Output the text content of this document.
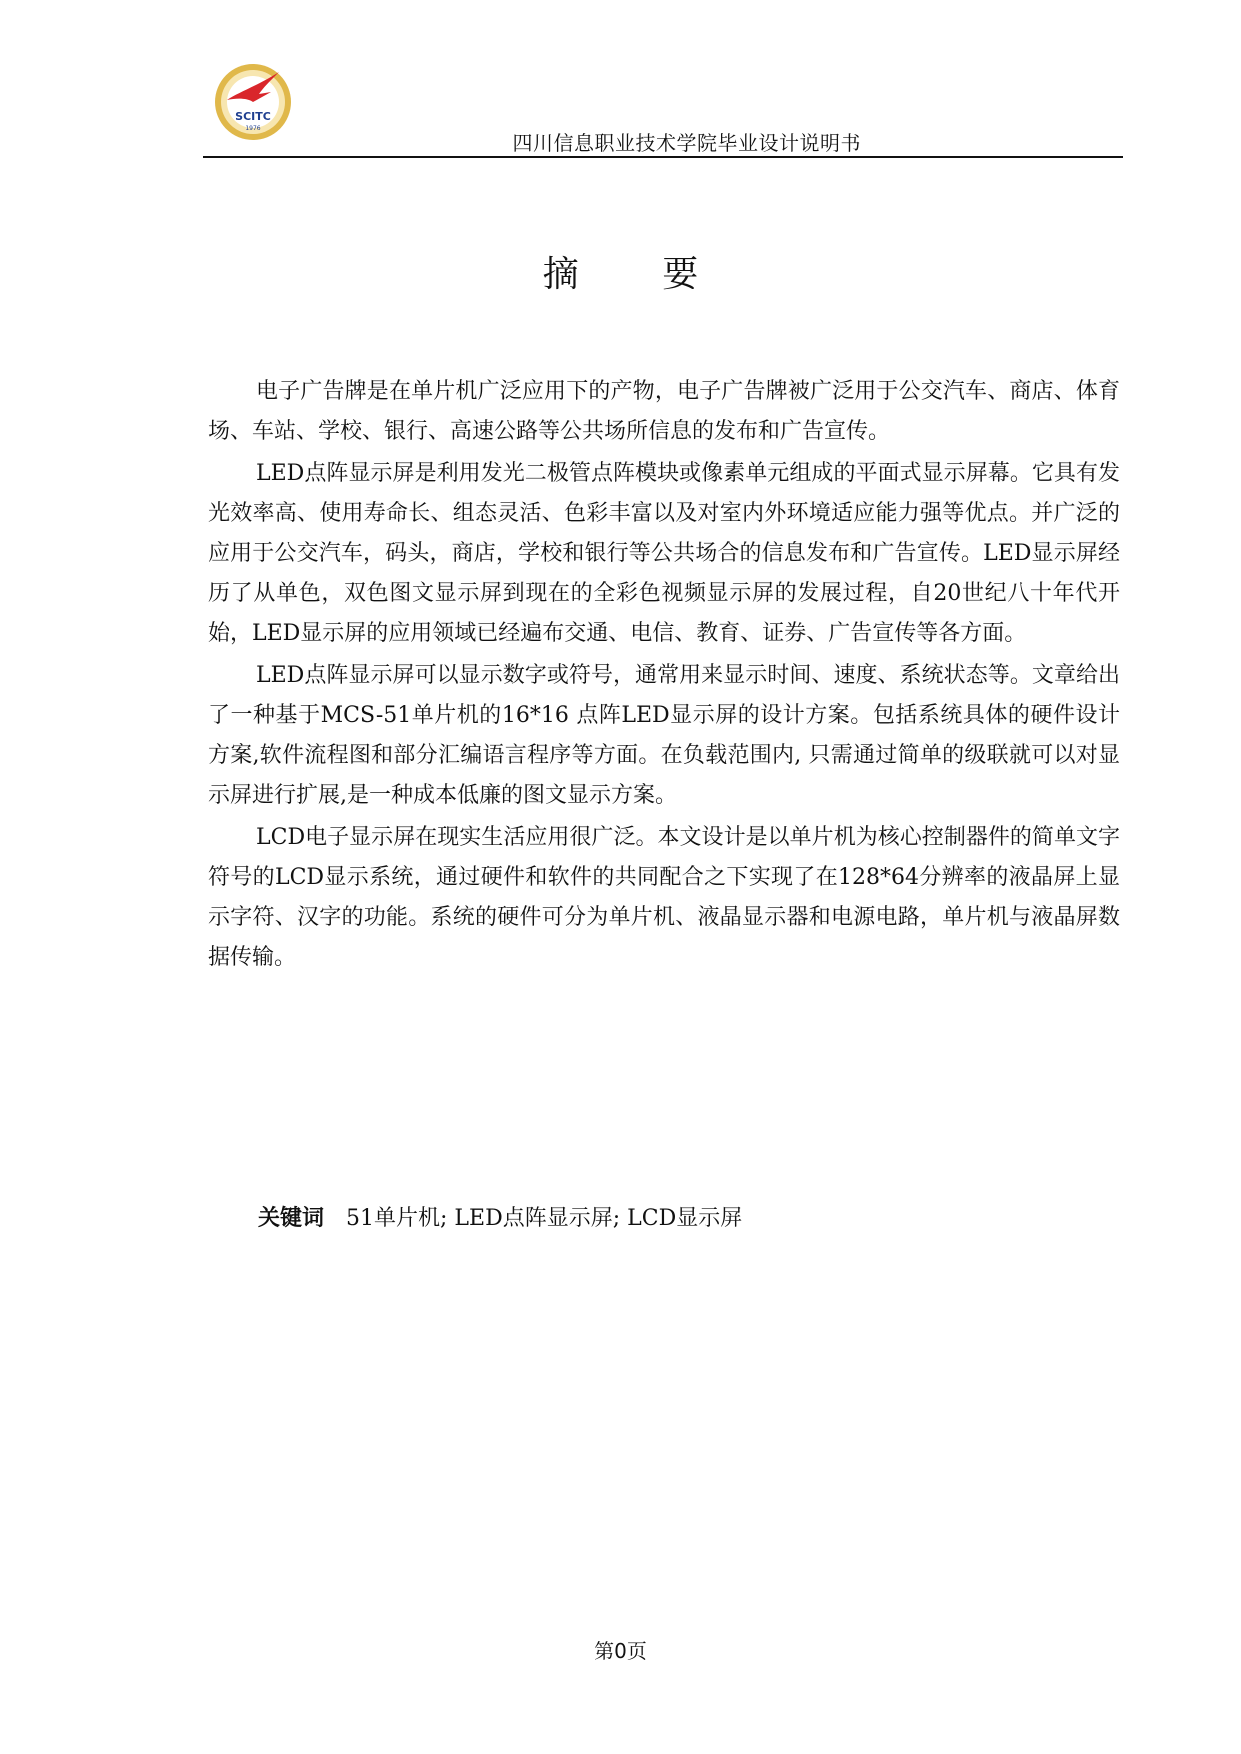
SCITC
1976
四川信息职业技术学院毕业设计说明书
摘 要

电子广告牌是在单片机广泛应用下的产物，电子广告牌被广泛用于公交汽车、商店、体育场、车站、学校、银行、高速公路等公共场所信息的发布和广告宣传。

LED点阵显示屏是利用发光二极管点阵模块或像素单元组成的平面式显示屏幕。它具有发光效率高、使用寿命长、组态灵活、色彩丰富以及对室内外环境适应能力强等优点。并广泛的应用于公交汽车，码头，商店，学校和银行等公共场合的信息发布和广告宣传。LED显示屏经历了从单色，双色图文显示屏到现在的全彩色视频显示屏的发展过程，自20世纪八十年代开始，LED显示屏的应用领域已经遍布交通、电信、教育、证券、广告宣传等各方面。

LED点阵显示屏可以显示数字或符号，通常用来显示时间、速度、系统状态等。文章给出了一种基于MCS-51单片机的16*16 点阵LED显示屏的设计方案。包括系统具体的硬件设计方案,软件流程图和部分汇编语言程序等方面。在负载范围内, 只需通过简单的级联就可以对显示屏进行扩展,是一种成本低廉的图文显示方案。

LCD电子显示屏在现实生活应用很广泛。本文设计是以单片机为核心控制器件的简单文字符号的LCD显示系统，通过硬件和软件的共同配合之下实现了在128*64分辨率的液晶屏上显示字符、汉字的功能。系统的硬件可分为单片机、液晶显示器和电源电路，单片机与液晶屏数据传输。

关键词 51单片机; LED点阵显示屏; LCD显示屏
第0页
